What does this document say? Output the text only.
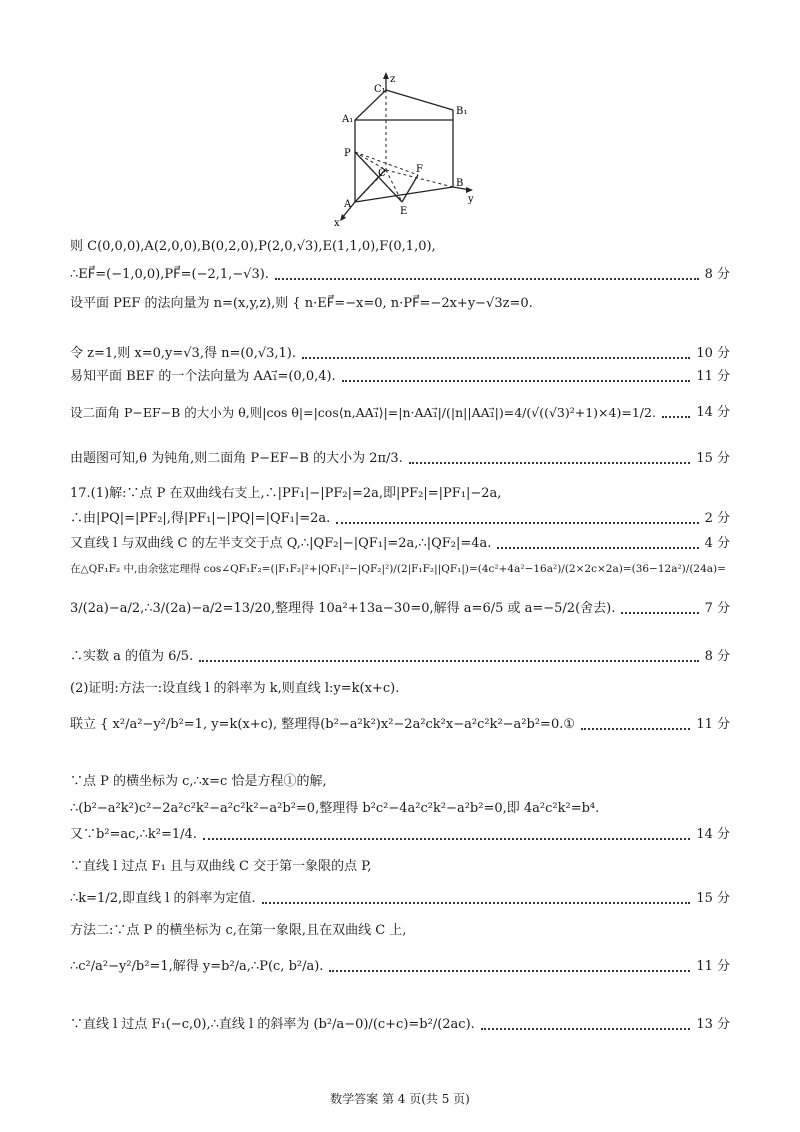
z
C₁
B₁
A₁
P
C	F
B
A
E
x
y
则 C(0,0,0),A(2,0,0),B(0,2,0),P(2,0,√3),E(1,1,0),F(0,1,0),
∴EF⃗=(−1,0,0),PF⃗=(−2,1,−√3).	8 分
设平面 PEF 的法向量为 n=(x,y,z),则 { n·EF⃗=−x=0, n·PF⃗=−2x+y−√3z=0.
令 z=1,则 x=0,y=√3,得 n=(0,√3,1).	10 分
易知平面 BEF 的一个法向量为 AA₁⃗=(0,0,4).	11 分
设二面角 P−EF−B 的大小为 θ,则|cos θ|=|cos⟨n,AA₁⃗⟩|=|n·AA₁⃗|/(|n||AA₁⃗|)=4/(√((√3)²+1)×4)=1/2.	14 分
由题图可知,θ 为钝角,则二面角 P−EF−B 的大小为 2π/3.	15 分
17.(1)解:∵点 P 在双曲线右支上,∴|PF₁|−|PF₂|=2a,即|PF₂|=|PF₁|−2a,
∴由|PQ|=|PF₂|,得|PF₁|−|PQ|=|QF₁|=2a.	2 分
又直线 l 与双曲线 C 的左半支交于点 Q,∴|QF₂|−|QF₁|=2a,∴|QF₂|=4a.	4 分
在△QF₁F₂ 中,由余弦定理得 cos∠QF₁F₂=(|F₁F₂|²+|QF₁|²−|QF₂|²)/(2|F₁F₂||QF₁|)=(4c²+4a²−16a²)/(2×2c×2a)=(36−12a²)/(24a)=
3/(2a)−a/2,∴3/(2a)−a/2=13/20,整理得 10a²+13a−30=0,解得 a=6/5 或 a=−5/2(舍去).	7 分
∴实数 a 的值为 6/5.	8 分
(2)证明:方法一:设直线 l 的斜率为 k,则直线 l:y=k(x+c).
联立 { x²/a²−y²/b²=1, y=k(x+c), 整理得(b²−a²k²)x²−2a²ck²x−a²c²k²−a²b²=0.①	11 分
∵点 P 的横坐标为 c,∴x=c 恰是方程①的解,
∴(b²−a²k²)c²−2a²c²k²−a²c²k²−a²b²=0,整理得 b²c²−4a²c²k²−a²b²=0,即 4a²c²k²=b⁴.
又∵b²=ac,∴k²=1/4.	14 分
∵直线 l 过点 F₁ 且与双曲线 C 交于第一象限的点 P,
∴k=1/2,即直线 l 的斜率为定值.	15 分
方法二:∵点 P 的横坐标为 c,在第一象限,且在双曲线 C 上,
∴c²/a²−y²/b²=1,解得 y=b²/a,∴P(c, b²/a).	11 分
∵直线 l 过点 F₁(−c,0),∴直线 l 的斜率为 (b²/a−0)/(c+c)=b²/(2ac).	13 分
数学答案 第 4 页(共 5 页)
